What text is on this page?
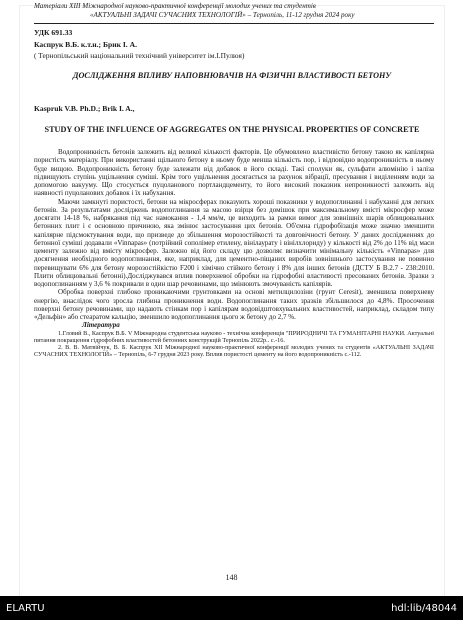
Матеріали ХІІІ Міжнародної науково-практичної конференції молодих учених та студентів
«АКТУАЛЬНІ ЗАДАЧІ СУЧАСНИХ ТЕХНОЛОГІЙ» – Тернопіль, 11-12 грудня 2024 року
УДК 691.33
Каспрук В.Б. к.т.н.; Брик І. А.
( Тернопільський національний технічний університет ім.І.Пулюя)
ДОСЛІДЖЕННЯ ВПЛИВУ НАПОВНЮВАЧІВ НА ФІЗИЧНІ ВЛАСТИВОСТІ БЕТОНУ
Kaspruk V.B. Ph.D.; Brik I. A.,
STUDY OF THE INFLUENCE OF AGGREGATES ON THE PHYSICAL PROPERTIES OF CONCRETE

Водопроникність бетонів залежить від великої кількості факторів. Це обумовлено властивістю бетону такою як капілярна пористість матеріалу. При використанні щільного бетону в ньому буде менша кількість пор, і відповідно водопроникність в ньому буде вищою. Водопроникність бетону буде залежати від добавок в його складі. Такі сполуки як, сульфати алюмінію і заліза підвищують ступінь ущільнення суміші. Крім того ущільнення досягається за рахунок вібрації, пресування і виділенням води за допомогою вакууму. Що стосується пуцоланового портландцементу, то його високий показник непроникності залежить від наявності пуцоланових добавок і їх набухання.

Маючи замкнуті пористості, бетони на мікросферах показують хороші показники у водопоглинанні і набуханні для легких бетонів. За результатами досліджень водопоглинання за масою взірця без домішок при максимальному вмісті мікросфер може досягати 14-18 %, набрякання під час намокання - 1,4 мм/м, це виходить за рамки вимог для зовнішніх шарів облицювальних бетонних плит і є основною причиною, яка змінює застосування цих бетонів. Об'ємна гідрофобізація може значно зменшити капілярне підсмоктування води, що призведе до збільшення морозостійкості та довговічності бетону. У даних дослідженнях до бетонної суміші додавали «Vinnapas» (потрійний сополімер етилену, вінілаурату і вінілхлориду) у кількості від 2% до 11% від маси цементу залежно від вмісту мікросфер. Залежно від його складу цю дозволяє визначити мінімальну кількість «Vinnapas» для досягнення необхідного водопоглинання, яке, наприклад, для цементно-піщаних виробів зовнішнього застосування не повинно перевищувати 6% для бетону морозостійкістю F200 і хімічно стійкого бетону і 8% для інших бетонів (ДСТУ Б В.2.7 - 238:2010. Плити облицювальні бетонні).Досліджувався вплив поверхневої обробки на гідрофобні властивості пресованих бетонів. Зразки з водопоглинанням у 3,6 % покривали в один шар речовинами, що змінюють змочуваність капілярів.

Обробка поверхні глибоко проникаючими грунтовками на основі метилцилозіни (грунт Ceresit), зменшила поверхневу енергію, внаслідок чого зросла глибина проникнення води. Водопоглинання таких зразків збільшилося до 4,8%. Просочення поверхні бетону речовинами, що надають стінкам пор і капілярам водовідштовхувальних властивостей, наприклад, складом типу «Дельфін» або стеаратом кальцію, зменшило водопоглинання цього ж бетону до 2,7 %.

Література

1.Гловий В., Каспрук В.Б. V Міжнародна студентська науково - технічна конференція "ПРИРОДНИЧІ ТА ГУМАНІТАРНІ НАУКИ. Актуальні питання покращення гідрофобних властивостей бетонних конструкцій Тернопіль 2022р.. с.-16.

2. В. В. Матвійчук, В. Б. Каспрук ХІІ Міжнародної науково-практичної конференції молодих учених та студентів «АКТУАЛЬНІ ЗАДАЧІ СУЧАСНИХ ТЕХНОЛОГІЙ» – Тернопіль, 6-7 грудня 2023 року. Вплив пористості цементу на його водопроникність с.-112.

148
ELARTU	hdl:lib/48044
